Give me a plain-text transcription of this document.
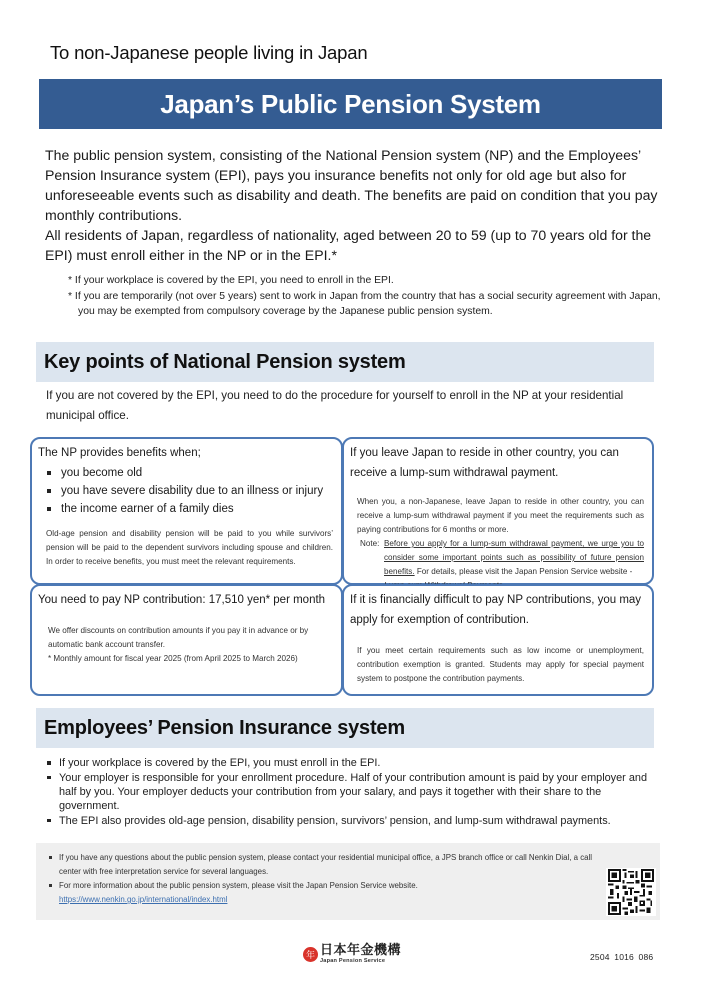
To non-Japanese people living in Japan
Japan’s Public Pension System

The public pension system, consisting of the National Pension system (NP) and the Employees’ Pension Insurance system (EPI), pays you insurance benefits not only for old age but also for unforeseeable events such as disability and death. The benefits are paid on condition that you pay monthly contributions.

All residents of Japan, regardless of nationality, aged between 20 to 59 (up to 70 years old for the EPI) must enroll either in the NP or in the EPI.*

* If your workplace is covered by the EPI, you need to enroll in the EPI.
* If you are temporarily (not over 5 years) sent to work in Japan from the country that has a social security agreement with Japan, you may be exempted from compulsory coverage by the Japanese public pension system.
Key points of National Pension system
If you are not covered by the EPI, you need to do the procedure for yourself to enroll in the NP at your residential municipal office.
The NP provides benefits when;
you become old
you have severe disability due to an illness or injury
the income earner of a family dies
Old-age pension and disability pension will be paid to you while survivors’ pension will be paid to the dependent survivors including spouse and children. In order to receive benefits, you must meet the relevant requirements.
If you leave Japan to reside in other country, you can receive a lump-sum withdrawal payment.
When you, a non-Japanese, leave Japan to reside in other country, you can receive a lump-sum withdrawal payment if you meet the requirements such as paying contributions for 6 months or more.
Note: Before you apply for a lump-sum withdrawal payment, we urge you to consider some important points such as possibility of future pension benefits. For details, please visit the Japan Pension Service website -

You need to pay NP contribution: 17,510 yen* per month
We offer discounts on contribution amounts if you pay it in advance or by automatic bank account transfer.
* Monthly amount for fiscal year 2025 (from April 2025 to March 2026)
If it is financially difficult to pay NP contributions, you may apply for exemption of contribution.
If you meet certain requirements such as low income or unemployment, contribution exemption is granted. Students may apply for special payment system to postpone the contribution payments.
Employees’ Pension Insurance system
If your workplace is covered by the EPI, you must enroll in the EPI.
Your employer is responsible for your enrollment procedure. Half of your contribution amount is paid by your employer and half by you. Your employer deducts your contribution from your salary, and pays it together with their share to the government.
The EPI also provides old-age pension, disability pension, survivors’ pension, and lump-sum withdrawal payments.
If you have any questions about the public pension system, please contact your residential municipal office, a JPS branch office or call Nenkin Dial, a call center with free interpretation service for several languages.
For more information about the public pension system, please visit the Japan Pension Service website.
https://www.nenkin.go.jp/international/index.html
年 日本年金機構
Japan Pension Service	2504 1016 086
